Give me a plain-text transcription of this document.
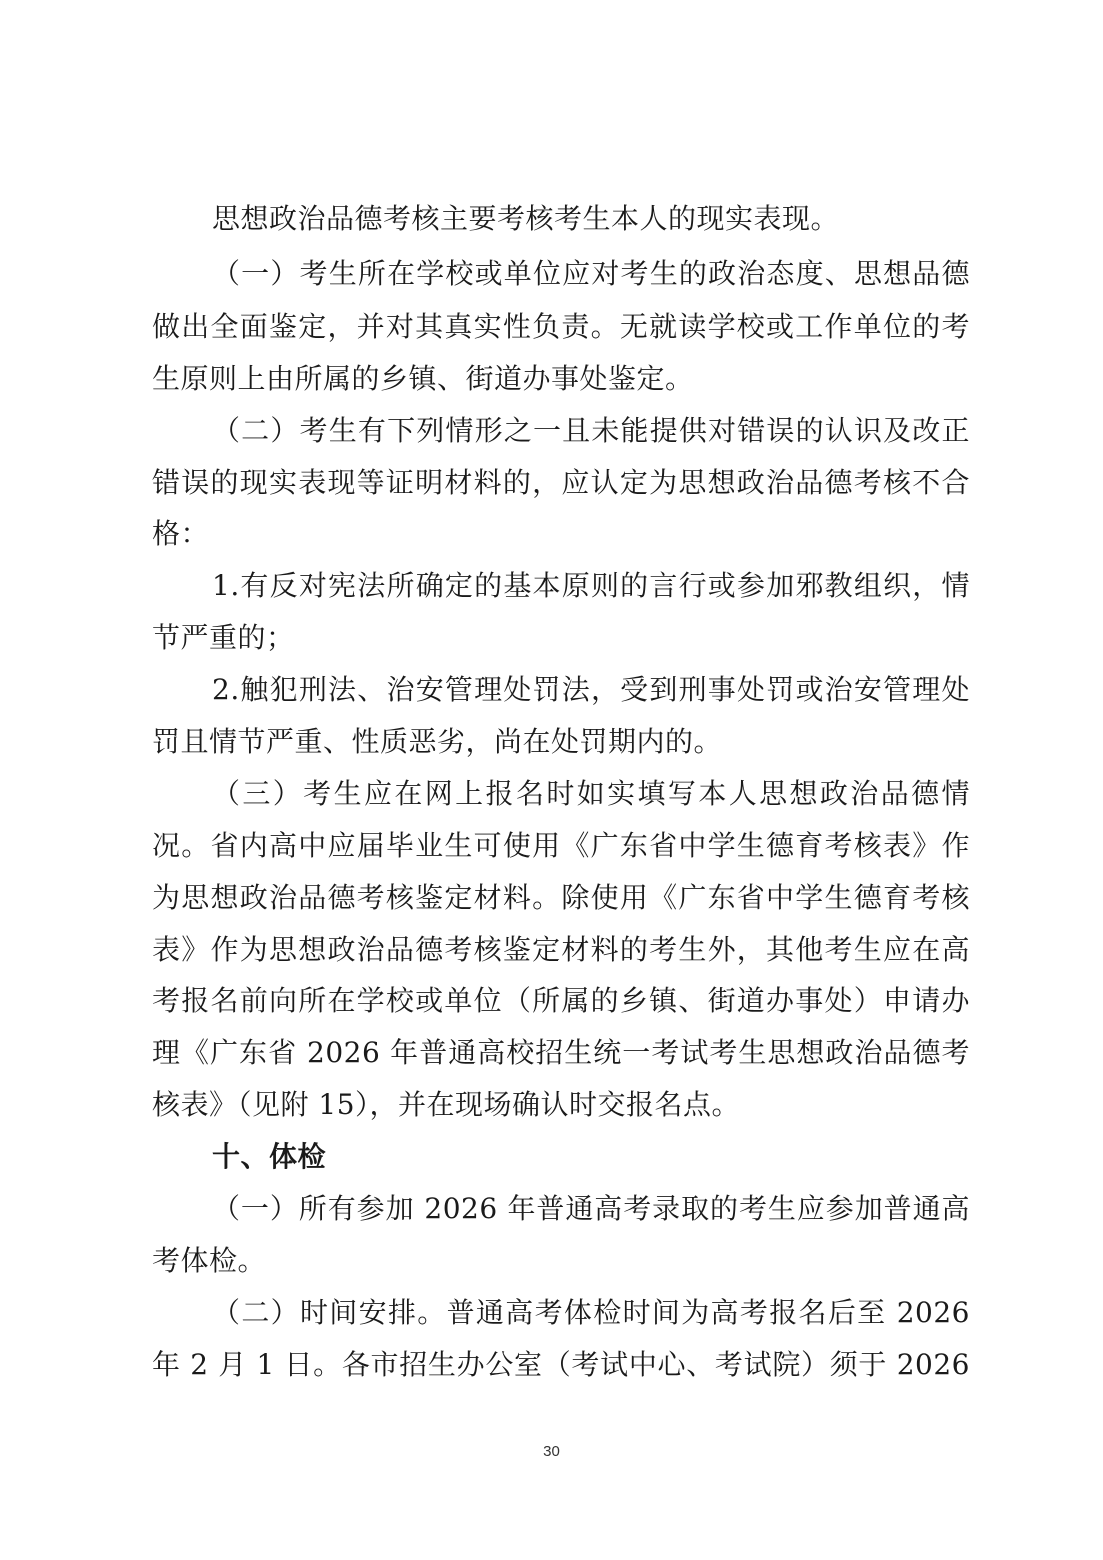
思想政治品德考核主要考核考生本人的现实表现。
（一）考生所在学校或单位应对考生的政治态度、思想品德
做出全面鉴定，并对其真实性负责。无就读学校或工作单位的考
生原则上由所属的乡镇、街道办事处鉴定。
（二）考生有下列情形之一且未能提供对错误的认识及改正
错误的现实表现等证明材料的，应认定为思想政治品德考核不合
格：
1.有反对宪法所确定的基本原则的言行或参加邪教组织，情
节严重的；
2.触犯刑法、治安管理处罚法，受到刑事处罚或治安管理处
罚且情节严重、性质恶劣，尚在处罚期内的。
（三）考生应在网上报名时如实填写本人思想政治品德情
况。省内高中应届毕业生可使用《广东省中学生德育考核表》作
为思想政治品德考核鉴定材料。除使用《广东省中学生德育考核
表》作为思想政治品德考核鉴定材料的考生外，其他考生应在高
考报名前向所在学校或单位（所属的乡镇、街道办事处）申请办
理《广东省 2026 年普通高校招生统一考试考生思想政治品德考
核表》（见附 15），并在现场确认时交报名点。
十、体检
（一）所有参加 2026 年普通高考录取的考生应参加普通高
考体检。
（二）时间安排。普通高考体检时间为高考报名后至 2026
年 2 月 1 日。各市招生办公室（考试中心、考试院）须于 2026
30
